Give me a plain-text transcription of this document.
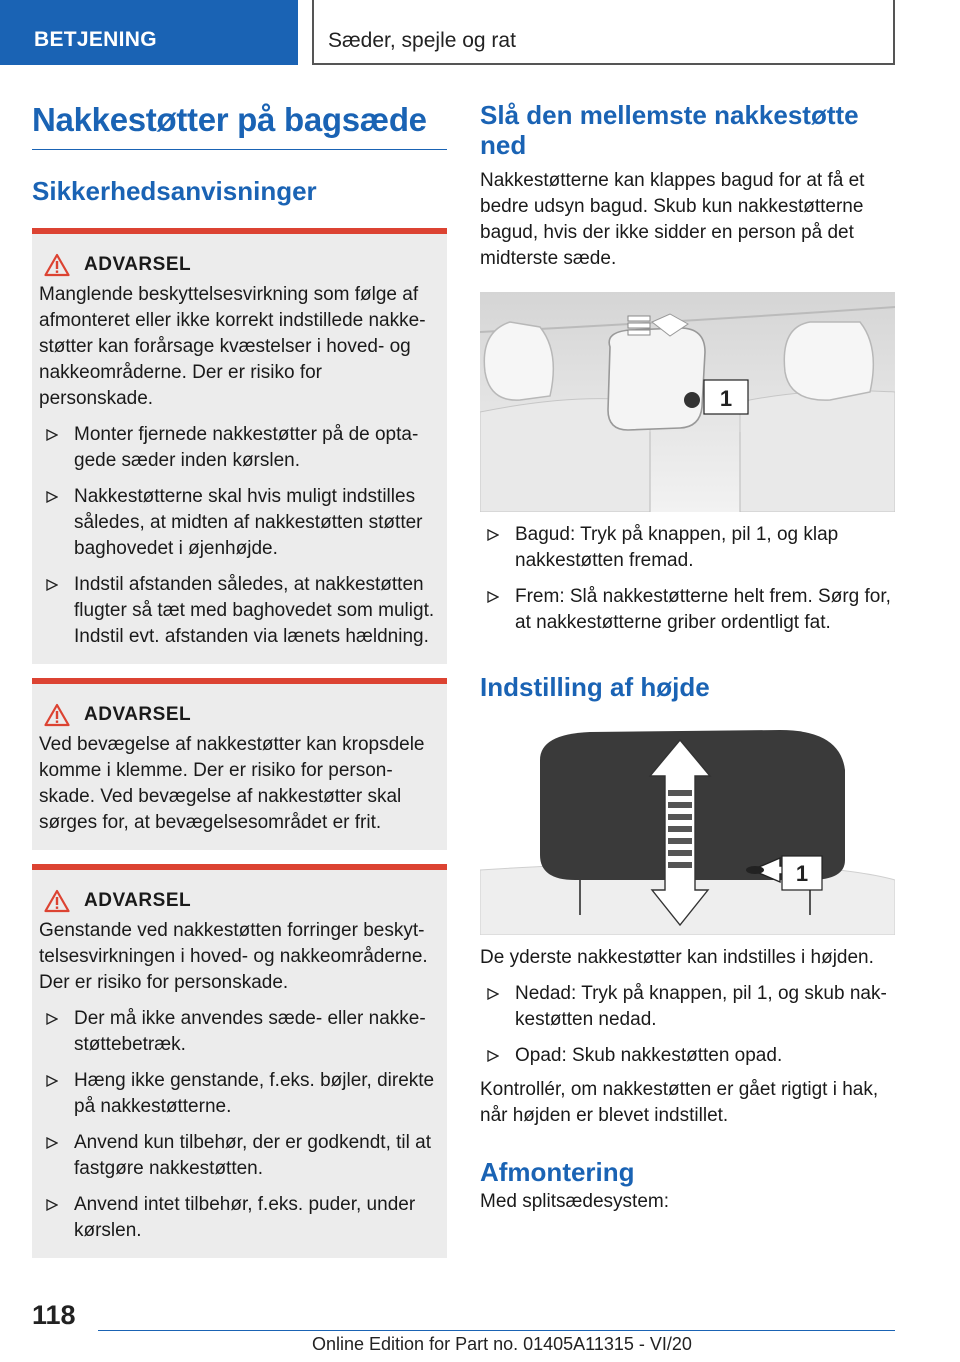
BETJENING	Sæder, spejle og rat
Nakkestøtter på bagsæde
Sikkerhedsanvisninger
ADVARSEL
Manglende beskyttelsesvirkning som følge af afmonteret eller ikke korrekt indstillede nakkestøtter kan forårsage kvæstelser i hoved- og nakkeområderne. Der er risiko for personskade.
Monter fjernede nakkestøtter på de optagede sæder inden kørslen.
Nakkestøtterne skal hvis muligt indstilles således, at midten af nakkestøtten støtter baghovedet i øjenhøjde.
Indstil afstanden således, at nakkestøtten flugter så tæt med baghovedet som muligt. Indstil evt. afstanden via lænets hældning.
ADVARSEL
Ved bevægelse af nakkestøtter kan kropsdele komme i klemme. Der er risiko for personskade. Ved bevægelse af nakkestøtter skal sørges for, at bevægelsesområdet er frit.
ADVARSEL
Genstande ved nakkestøtten forringer beskyttelsesvirkningen i hoved- og nakkeområderne. Der er risiko for personskade.
Der må ikke anvendes sæde- eller nakkestøttebetræk.
Hæng ikke genstande, f.eks. bøjler, direkte på nakkestøtterne.
Anvend kun tilbehør, der er godkendt, til at fastgøre nakkestøtten.
Anvend intet tilbehør, f.eks. puder, under kørslen.
Slå den mellemste nakkestøtte ned
Nakkestøtterne kan klappes bagud for at få et bedre udsyn bagud. Skub kun nakkestøtterne bagud, hvis der ikke sidder en person på det midterste sæde.
1
Bagud: Tryk på knappen, pil 1, og klap nakkestøtten fremad.
Frem: Slå nakkestøtterne helt frem. Sørg for, at nakkestøtterne griber ordentligt fat.
Indstilling af højde
1
De yderste nakkestøtter kan indstilles i højden.
Nedad: Tryk på knappen, pil 1, og skub nakkestøtten nedad.
Opad: Skub nakkestøtten opad.
Kontrollér, om nakkestøtten er gået rigtigt i hak, når højden er blevet indstillet.
Afmontering
Med splitsædesystem:
118
Online Edition for Part no. 01405A11315 - VI/20
